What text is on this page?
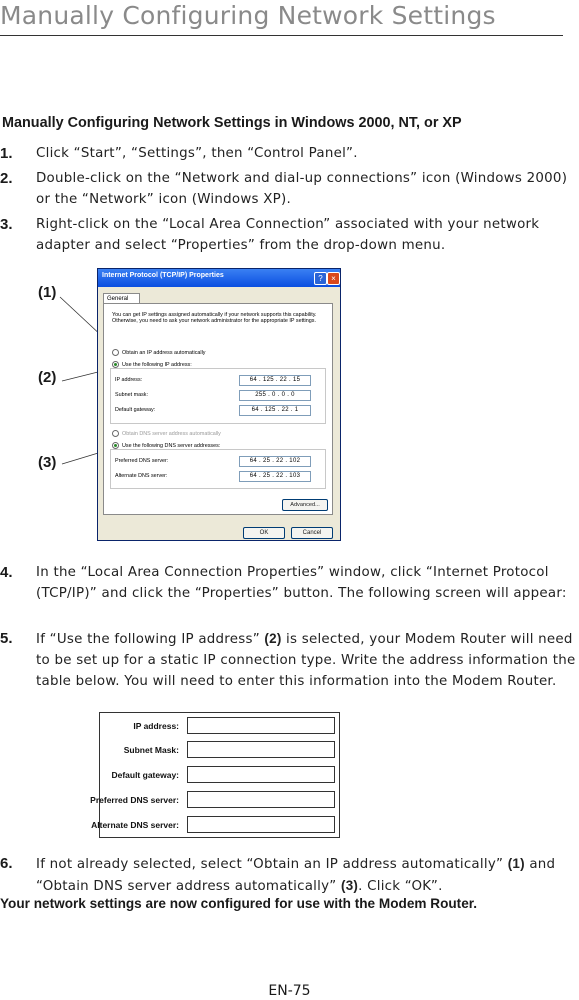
Manually Configuring Network Settings
Manually Configuring Network Settings in Windows 2000, NT, or XP
1. Click “Start”, “Settings”, then “Control Panel”.
2. Double-click on the “Network and dial-up connections” icon (Windows 2000) or the “Network” icon (Windows XP).
3. Right-click on the “Local Area Connection” associated with your network adapter and select “Properties” from the drop-down menu.
(1)
(2)
(3)
Internet Protocol (TCP/IP) Properties	?	×
General
You can get IP settings assigned automatically if your network supports this capability. Otherwise, you need to ask your network administrator for the appropriate IP settings.
Obtain an IP address automatically
Use the following IP address:
IP address:	64 . 125 . 22 . 15
Subnet mask:	255 . 0 . 0 . 0
Default gateway:	64 . 125 . 22 . 1
Obtain DNS server address automatically
Use the following DNS server addresses:
Preferred DNS server:	64 . 25 . 22 . 102
Alternate DNS server:	64 . 25 . 22 . 103
Advanced...
OK	Cancel
4. In the “Local Area Connection Properties” window, click “Internet Protocol (TCP/IP)” and click the “Properties” button. The following screen will appear:
5. If “Use the following IP address” (2) is selected, your Modem Router will need to be set up for a static IP connection type. Write the address information the table below. You will need to enter this information into the Modem Router.
IP address:
Subnet Mask:
Default gateway:
Preferred DNS server:
Alternate DNS server:
6. If not already selected, select “Obtain an IP address automatically” (1) and “Obtain DNS server address automatically” (3). Click “OK”.
Your network settings are now configured for use with the Modem Router.
EN-75
